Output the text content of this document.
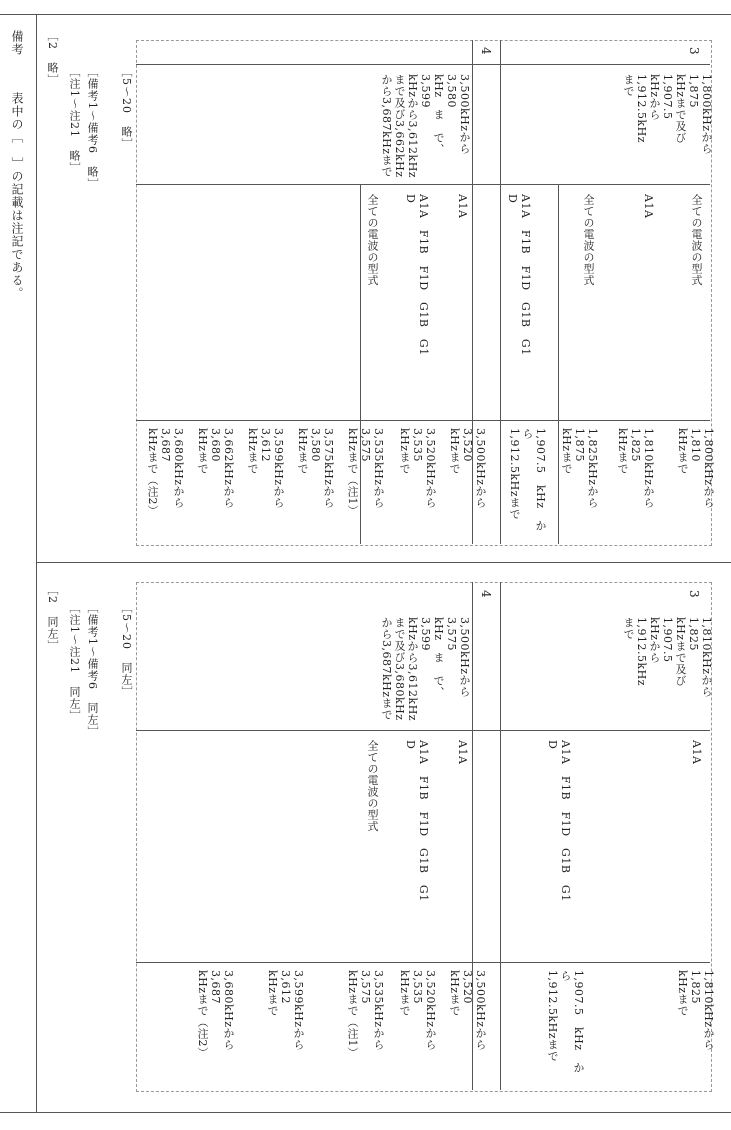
備考
表中の［　］の記載は注記である。
［2　略］
［注1～注21　略］ ［備考1～備考6　略］ ［5～20　略］
3
1,800kHzから1,875
kHzまで及び1,907.5
kHzから1,912.5kHz
まで
全ての電波の型式
A1A
全ての電波の型式
A1A　F1B　F1D　G1B　G1
D
1,800kHzから1,810
kHzまで
1,810kHzから1,825
kHzまで
1,825kHzから1,875
kHzまで
1,907.5　kHz　か　ら
1,912.5kHzまで
4
3,500kHzから3,580
kHz　ま　で、　3,599
kHzから3,612kHz
まで及び3,662kHz
から3,687kHzまで
A1A
A1A　F1B　F1D　G1B　G1
D
全ての電波の型式
3,500kHzから3,520
kHzまで
3,520kHzから3,535
kHzまで
3,535kHzから3,575
kHzまで（注1）
3,575kHzから3,580
kHzまで
3,599kHzから3,612
kHzまで
3,662kHzから3,680
kHzまで
3,680kHzから3,687
kHzまで（注2）
［2　同左］ ［注1～注21　同左］ ［備考1～備考6　同左］ ［5～20　同左］
3
1,810kHzから1,825
kHzまで及び1,907.5
kHzから1,912.5kHz
まで
A1A
A1A　F1B　F1D　G1B　G1
D
1,810kHzから1,825
kHzまで
1,907.5　kHz　か　ら
1,912.5kHzまで
4
3,500kHzから3,575
kHz　ま　で、　3,599
kHzから3,612kHz
まで及び3,680kHz
から3,687kHzまで
A1A
A1A　F1B　F1D　G1B　G1
D
全ての電波の型式
3,500kHzから3,520
kHzまで
3,520kHzから3,535
kHzまで
3,535kHzから3,575
kHzまで（注1）
3,599kHzから3,612
kHzまで
3,680kHzから3,687
kHzまで（注2）
